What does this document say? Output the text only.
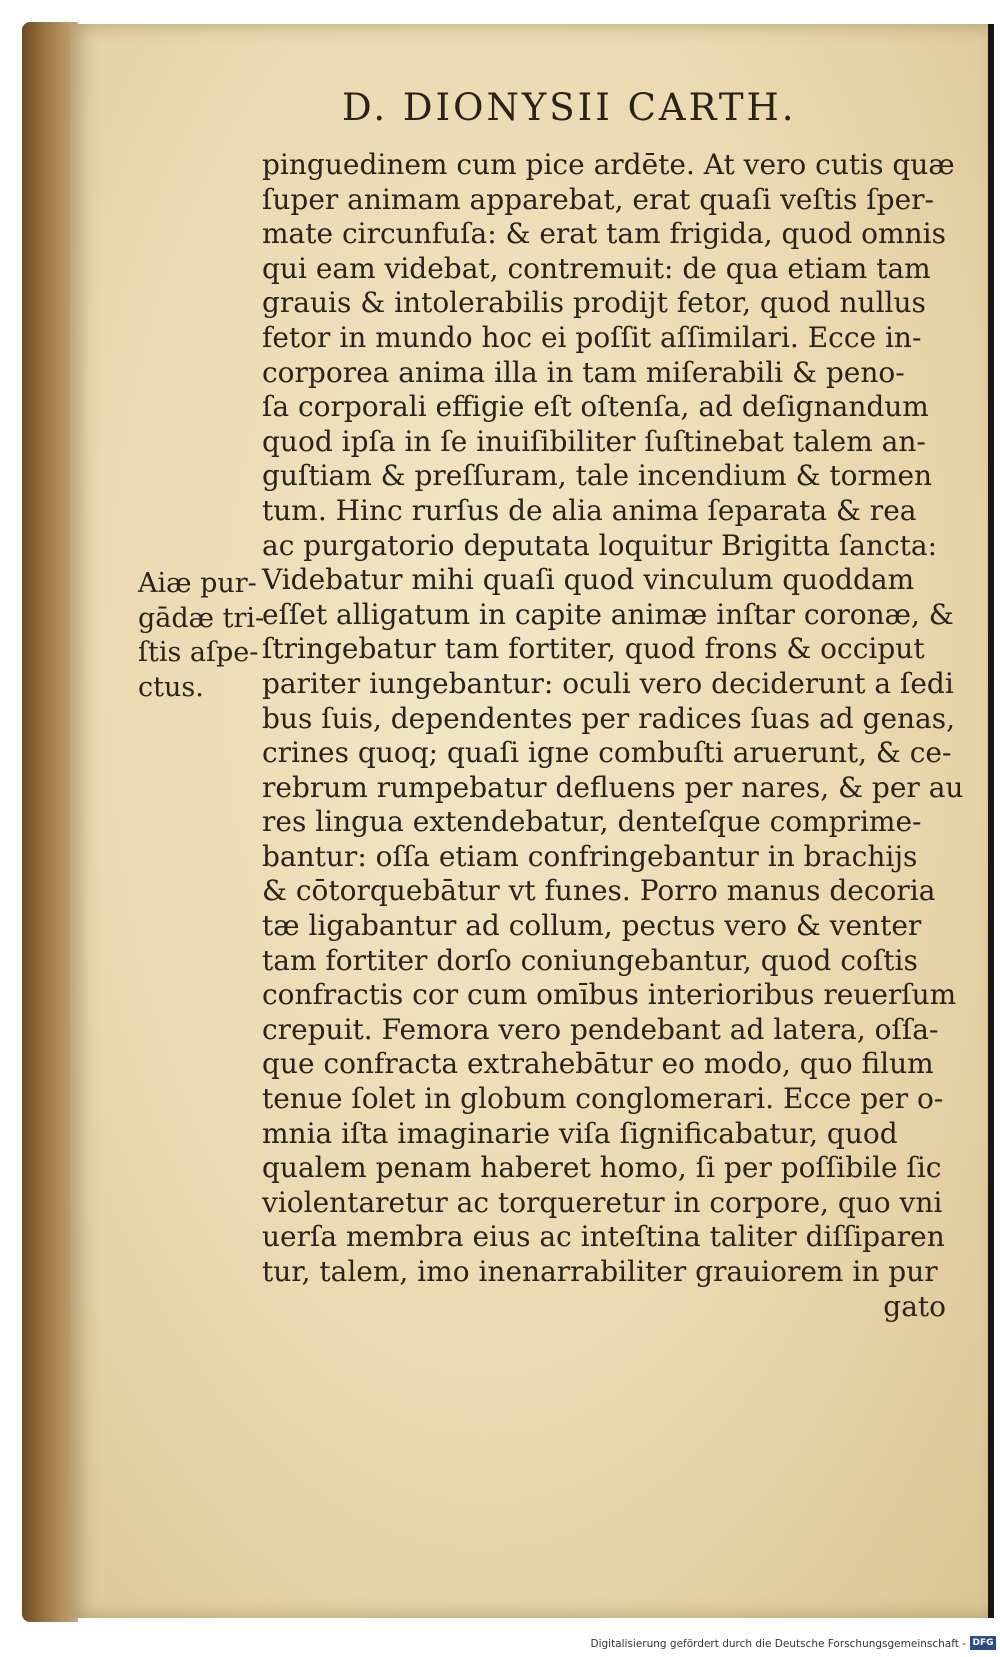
D. DIONYSII CARTH.
Aiæ pur-
gādæ tri-
ſtis aſpe-
ctus.
pinguedinem cum pice ardēte. At vero cutis quæ
ſuper animam apparebat, erat quaſi veſtis ſper-
mate circunfuſa: & erat tam frigida, quod omnis
qui eam videbat, contremuit: de qua etiam tam
grauis & intolerabilis prodijt fetor, quod nullus
fetor in mundo hoc ei poſſit aſſimilari. Ecce in-
corporea anima illa in tam miſerabili & peno-
ſa corporali effigie eſt oſtenſa, ad deſignandum
quod ipſa in ſe inuiſibiliter ſuſtinebat talem an-
guſtiam & preſſuram, tale incendium & tormen
tum. Hinc rurſus de alia anima ſeparata & rea
ac purgatorio deputata loquitur Brigitta ſancta:
Videbatur mihi quaſi quod vinculum quoddam
eſſet alligatum in capite animæ inſtar coronæ, &
ſtringebatur tam fortiter, quod frons & occiput
pariter iungebantur: oculi vero deciderunt a ſedi
bus ſuis, dependentes per radices ſuas ad genas,
crines quoq; quaſi igne combuſti aruerunt, & ce-
rebrum rumpebatur defluens per nares, & per au
res lingua extendebatur, denteſque comprime-
bantur: oſſa etiam confringebantur in brachijs
& cōtorquebātur vt funes. Porro manus decoria
tæ ligabantur ad collum, pectus vero & venter
tam fortiter dorſo coniungebantur, quod coſtis
confractis cor cum omībus interioribus reuerſum
crepuit. Femora vero pendebant ad latera, oſſa-
que confracta extrahebātur eo modo, quo filum
tenue ſolet in globum conglomerari. Ecce per o-
mnia iſta imaginarie viſa ſignificabatur, quod
qualem penam haberet homo, ſi per poſſibile ſic
violentaretur ac torqueretur in corpore, quo vni
uerſa membra eius ac inteſtina taliter diſſiparen
tur, talem, imo inenarrabiliter grauiorem in pur
gato
Digitalisierung gefördert durch die Deutsche Forschungsgemeinschaft - DFG
